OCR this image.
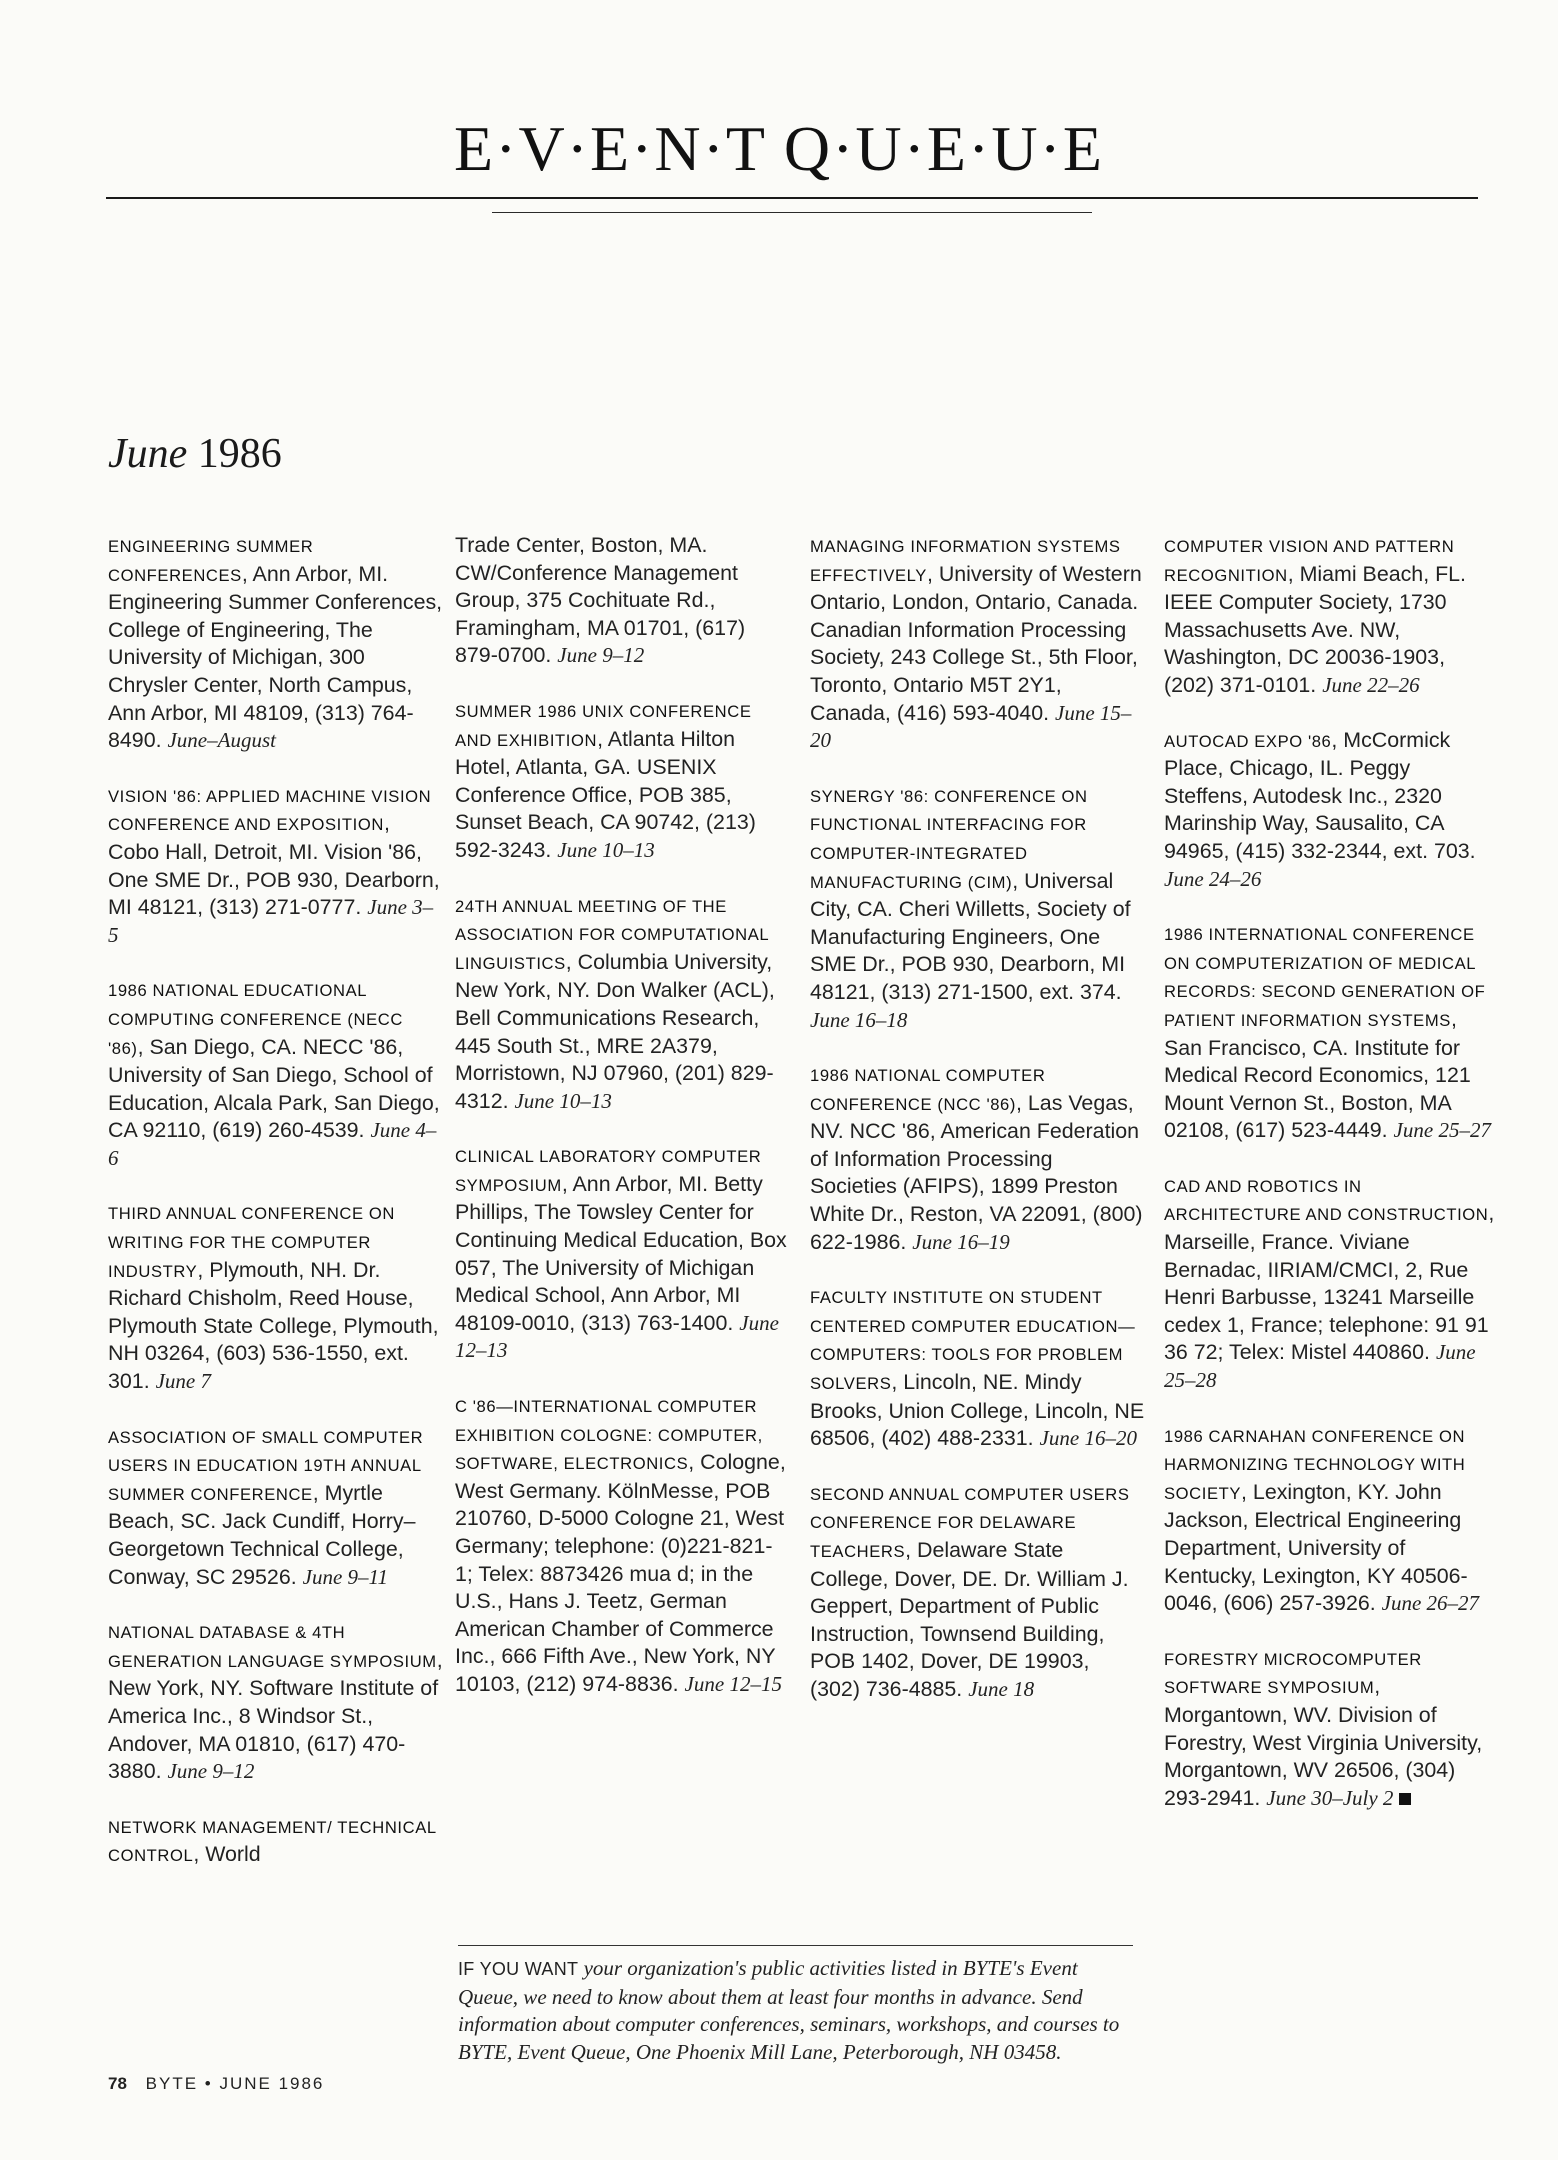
E·V·E·N·T Q·U·E·U·E
June 1986
ENGINEERING SUMMER CONFERENCES, Ann Arbor, MI. Engineering Summer Conferences, College of Engineering, The University of Michigan, 300 Chrysler Center, North Campus, Ann Arbor, MI 48109, (313) 764-8490. June–August
VISION '86: APPLIED MACHINE VISION CONFERENCE AND EXPOSITION, Cobo Hall, Detroit, MI. Vision '86, One SME Dr., POB 930, Dearborn, MI 48121, (313) 271-0777. June 3–5
1986 NATIONAL EDUCATIONAL COMPUTING CONFERENCE (NECC '86), San Diego, CA. NECC '86, University of San Diego, School of Education, Alcala Park, San Diego, CA 92110, (619) 260-4539. June 4–6
THIRD ANNUAL CONFERENCE ON WRITING FOR THE COMPUTER INDUSTRY, Plymouth, NH. Dr. Richard Chisholm, Reed House, Plymouth State College, Plymouth, NH 03264, (603) 536-1550, ext. 301. June 7
ASSOCIATION OF SMALL COMPUTER USERS IN EDUCATION 19TH ANNUAL SUMMER CONFERENCE, Myrtle Beach, SC. Jack Cundiff, Horry–Georgetown Technical College, Conway, SC 29526. June 9–11
NATIONAL DATABASE & 4TH GENERATION LANGUAGE SYMPOSIUM, New York, NY. Software Institute of America Inc., 8 Windsor St., Andover, MA 01810, (617) 470-3880. June 9–12
NETWORK MANAGEMENT/ TECHNICAL CONTROL, World
Trade Center, Boston, MA. CW/Conference Management Group, 375 Cochituate Rd., Framingham, MA 01701, (617) 879-0700. June 9–12
SUMMER 1986 UNIX CONFERENCE AND EXHIBITION, Atlanta Hilton Hotel, Atlanta, GA. USENIX Conference Office, POB 385, Sunset Beach, CA 90742, (213) 592-3243. June 10–13
24TH ANNUAL MEETING OF THE ASSOCIATION FOR COMPUTATIONAL LINGUISTICS, Columbia University, New York, NY. Don Walker (ACL), Bell Communications Research, 445 South St., MRE 2A379, Morristown, NJ 07960, (201) 829-4312. June 10–13
CLINICAL LABORATORY COMPUTER SYMPOSIUM, Ann Arbor, MI. Betty Phillips, The Towsley Center for Continuing Medical Education, Box 057, The University of Michigan Medical School, Ann Arbor, MI 48109-0010, (313) 763-1400. June 12–13
C '86—INTERNATIONAL COMPUTER EXHIBITION COLOGNE: COMPUTER, SOFTWARE, ELECTRONICS, Cologne, West Germany. KölnMesse, POB 210760, D-5000 Cologne 21, West Germany; telephone: (0)221-821-1; Telex: 8873426 mua d; in the U.S., Hans J. Teetz, German American Chamber of Commerce Inc., 666 Fifth Ave., New York, NY 10103, (212) 974-8836. June 12–15
MANAGING INFORMATION SYSTEMS EFFECTIVELY, University of Western Ontario, London, Ontario, Canada. Canadian Information Processing Society, 243 College St., 5th Floor, Toronto, Ontario M5T 2Y1, Canada, (416) 593-4040. June 15–20
SYNERGY '86: CONFERENCE ON FUNCTIONAL INTERFACING FOR COMPUTER-INTEGRATED MANUFACTURING (CIM), Universal City, CA. Cheri Willetts, Society of Manufacturing Engineers, One SME Dr., POB 930, Dearborn, MI 48121, (313) 271-1500, ext. 374. June 16–18
1986 NATIONAL COMPUTER CONFERENCE (NCC '86), Las Vegas, NV. NCC '86, American Federation of Information Processing Societies (AFIPS), 1899 Preston White Dr., Reston, VA 22091, (800) 622-1986. June 16–19
FACULTY INSTITUTE ON STUDENT CENTERED COMPUTER EDUCATION—COMPUTERS: TOOLS FOR PROBLEM SOLVERS, Lincoln, NE. Mindy Brooks, Union College, Lincoln, NE 68506, (402) 488-2331. June 16–20
SECOND ANNUAL COMPUTER USERS CONFERENCE FOR DELAWARE TEACHERS, Delaware State College, Dover, DE. Dr. William J. Geppert, Department of Public Instruction, Townsend Building, POB 1402, Dover, DE 19903, (302) 736-4885. June 18
COMPUTER VISION AND PATTERN RECOGNITION, Miami Beach, FL. IEEE Computer Society, 1730 Massachusetts Ave. NW, Washington, DC 20036-1903, (202) 371-0101. June 22–26
AUTOCAD EXPO '86, McCormick Place, Chicago, IL. Peggy Steffens, Autodesk Inc., 2320 Marinship Way, Sausalito, CA 94965, (415) 332-2344, ext. 703. June 24–26
1986 INTERNATIONAL CONFERENCE ON COMPUTERIZATION OF MEDICAL RECORDS: SECOND GENERATION OF PATIENT INFORMATION SYSTEMS, San Francisco, CA. Institute for Medical Record Economics, 121 Mount Vernon St., Boston, MA 02108, (617) 523-4449. June 25–27
CAD AND ROBOTICS IN ARCHITECTURE AND CONSTRUCTION, Marseille, France. Viviane Bernadac, IIRIAM/CMCI, 2, Rue Henri Barbusse, 13241 Marseille cedex 1, France; telephone: 91 91 36 72; Telex: Mistel 440860. June 25–28
1986 CARNAHAN CONFERENCE ON HARMONIZING TECHNOLOGY WITH SOCIETY, Lexington, KY. John Jackson, Electrical Engineering Department, University of Kentucky, Lexington, KY 40506-0046, (606) 257-3926. June 26–27
FORESTRY MICROCOMPUTER SOFTWARE SYMPOSIUM, Morgantown, WV. Division of Forestry, West Virginia University, Morgantown, WV 26506, (304) 293-2941. June 30–July 2
IF YOU WANT your organization's public activities listed in BYTE's Event Queue, we need to know about them at least four months in advance. Send information about computer conferences, seminars, workshops, and courses to BYTE, Event Queue, One Phoenix Mill Lane, Peterborough, NH 03458.
78 BYTE • JUNE 1986
